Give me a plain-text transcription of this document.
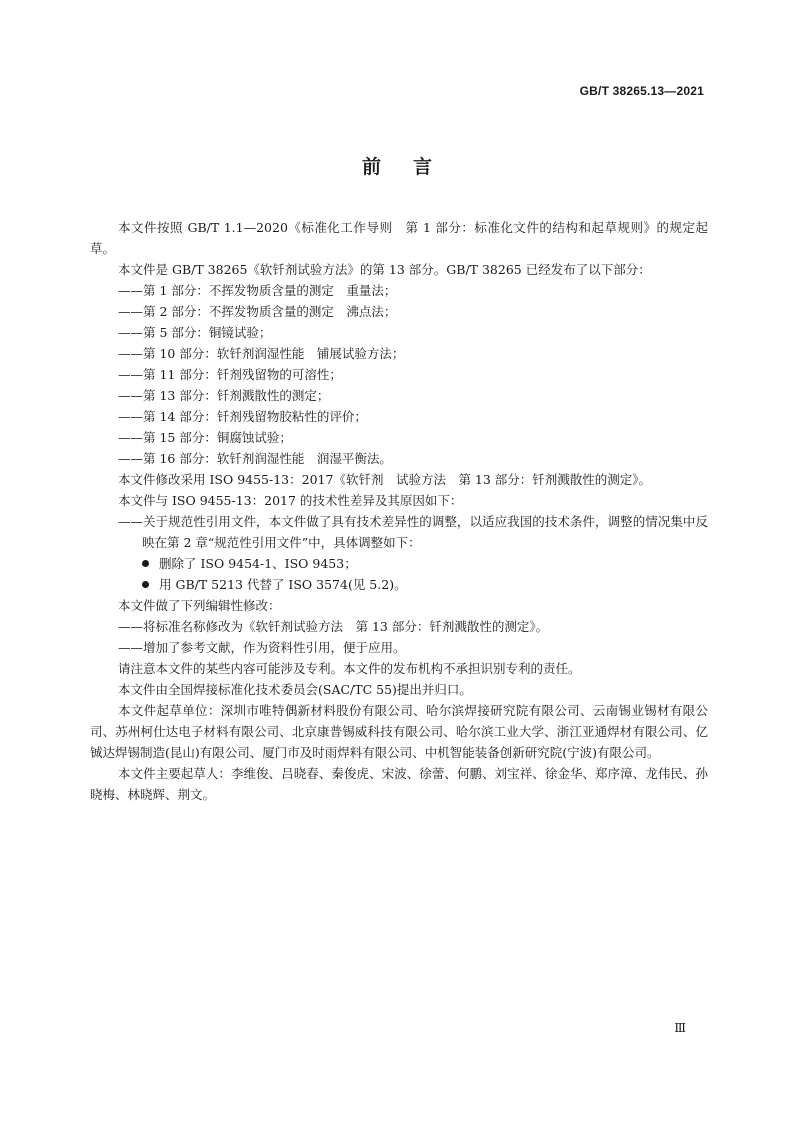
GB/T 38265.13—2021
前言

本文件按照 GB/T 1.1—2020《标准化工作导则　第 1 部分：标准化文件的结构和起草规则》的规定起草。

本文件是 GB/T 38265《软钎剂试验方法》的第 13 部分。GB/T 38265 已经发布了以下部分：

——第 1 部分：不挥发物质含量的测定　重量法；

——第 2 部分：不挥发物质含量的测定　沸点法；

——第 5 部分：铜镜试验；

——第 10 部分：软钎剂润湿性能　铺展试验方法；

——第 11 部分：钎剂残留物的可溶性；

——第 13 部分：钎剂溅散性的测定；

——第 14 部分：钎剂残留物胶粘性的评价；

——第 15 部分：铜腐蚀试验；

——第 16 部分：软钎剂润湿性能　润湿平衡法。

本文件修改采用 ISO 9455-13：2017《软钎剂　试验方法　第 13 部分：钎剂溅散性的测定》。

本文件与 ISO 9455-13：2017 的技术性差异及其原因如下：

——关于规范性引用文件，本文件做了具有技术差异性的调整，以适应我国的技术条件，调整的情况集中反映在第 2 章“规范性引用文件”中，具体调整如下：

删除了 ISO 9454-1、ISO 9453；

用 GB/T 5213 代替了 ISO 3574(见 5.2)。

本文件做了下列编辑性修改：

——将标准名称修改为《软钎剂试验方法　第 13 部分：钎剂溅散性的测定》。

——增加了参考文献，作为资料性引用，便于应用。

请注意本文件的某些内容可能涉及专利。本文件的发布机构不承担识别专利的责任。

本文件由全国焊接标准化技术委员会(SAC/TC 55)提出并归口。

本文件起草单位：深圳市唯特偶新材料股份有限公司、哈尔滨焊接研究院有限公司、云南锡业锡材有限公司、苏州柯仕达电子材料有限公司、北京康普锡威科技有限公司、哈尔滨工业大学、浙江亚通焊材有限公司、亿铖达焊锡制造(昆山)有限公司、厦门市及时雨焊料有限公司、中机智能装备创新研究院(宁波)有限公司。

本文件主要起草人：李维俊、吕晓春、秦俊虎、宋波、徐蕾、何鹏、刘宝祥、徐金华、郑序漳、龙伟民、孙晓梅、林晓辉、荆文。

Ⅲ
